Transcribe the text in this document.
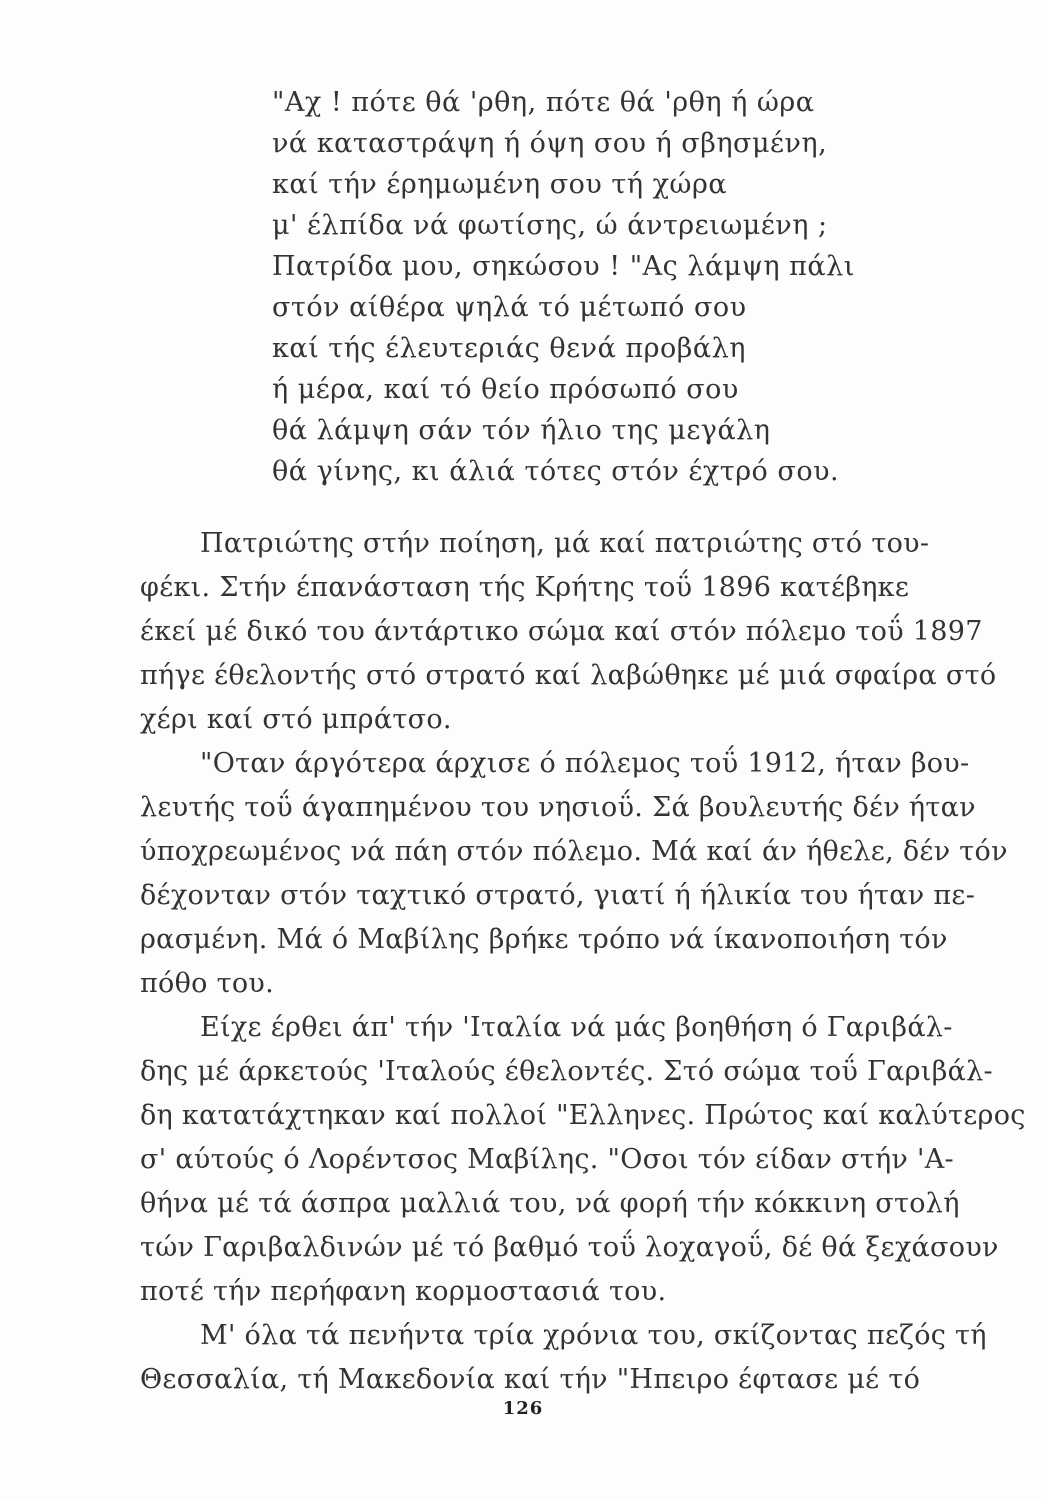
"Αχ ! πότε θά 'ρθη, πότε θά 'ρθη ή ώρα
νά καταστράψη ή όψη σου ή σβησμένη,
καί τήν έρημωμένη σου τή χώρα
μ' έλπίδα νά φωτίσης, ώ άντρειωμένη ;
Πατρίδα μου, σηκώσου ! "Ας λάμψη πάλι
στόν αίθέρα ψηλά τό μέτωπό σου
καί τής έλευτεριάς θενά προβάλη
ή μέρα, καί τό θείο πρόσωπό σου
θά λάμψη σάν τόν ήλιο της μεγάλη
θά γίνης, κι άλιά τότες στόν έχτρό σου.
Πατριώτης στήν ποίηση, μά καί πατριώτης στό του-
φέκι. Στήν έπανάσταση τής Κρήτης τοΰ 1896 κατέβηκε
έκεί μέ δικό του άντάρτικο σώμα καί στόν πόλεμο τοΰ 1897
πήγε έθελοντής στό στρατό καί λαβώθηκε μέ μιά σφαίρα στό
χέρι καί στό μπράτσο.
"Οταν άργότερα άρχισε ό πόλεμος τοΰ 1912, ήταν βου-
λευτής τοΰ άγαπημένου του νησιοΰ. Σά βουλευτής δέν ήταν
ύποχρεωμένος νά πάη στόν πόλεμο. Μά καί άν ήθελε, δέν τόν
δέχονταν στόν ταχτικό στρατό, γιατί ή ήλικία του ήταν πε-
ρασμένη. Μά ό Μαβίλης βρήκε τρόπο νά ίκανοποιήση τόν
πόθο του.
Είχε έρθει άπ' τήν 'Ιταλία νά μάς βοηθήση ό Γαριβάλ-
δης μέ άρκετούς 'Ιταλούς έθελοντές. Στό σώμα τοΰ Γαριβάλ-
δη κατατάχτηκαν καί πολλοί "Ελληνες. Πρώτος καί καλύτερος
σ' αύτούς ό Λορέντσος Μαβίλης. "Οσοι τόν είδαν στήν 'Α-
θήνα μέ τά άσπρα μαλλιά του, νά φορή τήν κόκκινη στολή
τών Γαριβαλδινών μέ τό βαθμό τοΰ λοχαγοΰ, δέ θά ξεχάσουν
ποτέ τήν περήφανη κορμοστασιά του.
Μ' όλα τά πενήντα τρία χρόνια του, σκίζοντας πεζός τή
Θεσσαλία, τή Μακεδονία καί τήν "Ηπειρο έφτασε μέ τό
126
